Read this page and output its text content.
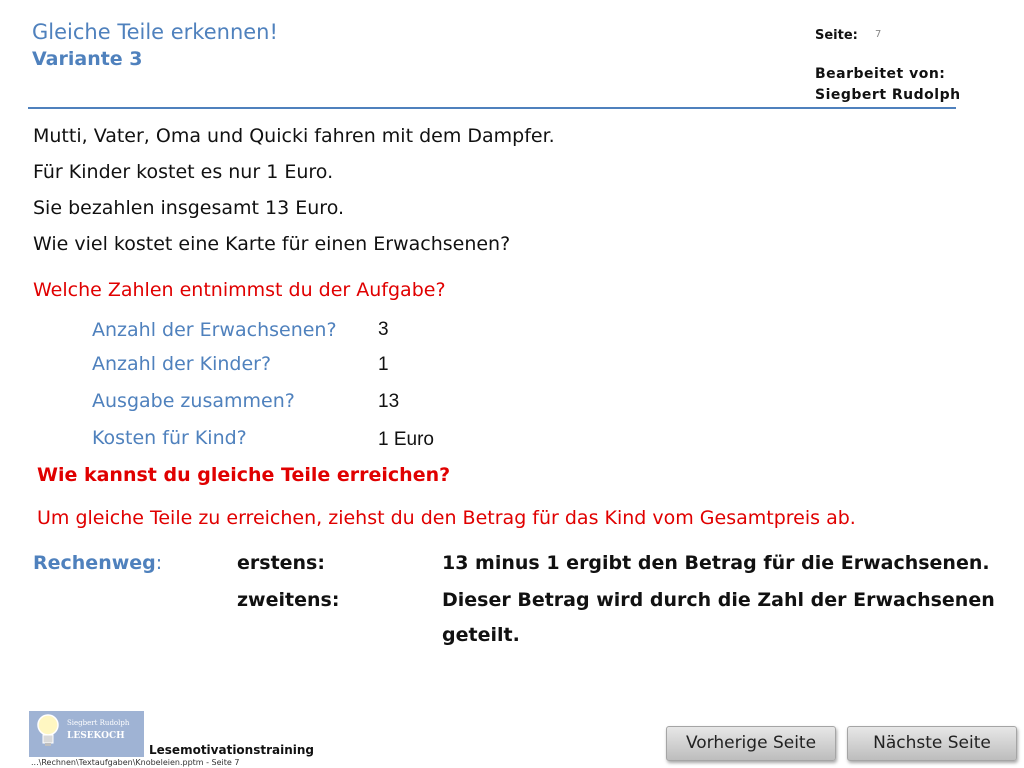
Gleiche Teile erkennen!
Variante 3
Seite: 7
Bearbeitet von:
Siegbert Rudolph
Mutti, Vater, Oma und Quicki fahren mit dem Dampfer.
Für Kinder kostet es nur 1 Euro.
Sie bezahlen insgesamt 13 Euro.
Wie viel kostet eine Karte für einen Erwachsenen?
Welche Zahlen entnimmst du der Aufgabe?
Anzahl der Erwachsenen? 3
Anzahl der Kinder?	1
Ausgabe zusammen?	13
Kosten für Kind?	1 Euro
Wie kannst du gleiche Teile erreichen?
Um gleiche Teile zu erreichen, ziehst du den Betrag für das Kind vom Gesamtpreis ab.
Rechenweg:	erstens:	13 minus 1 ergibt den Betrag für die Erwachsenen.
zweitens:	Dieser Betrag wird durch die Zahl der Erwachsenen
geteilt.
Siegbert Rudolph
LESEKOCH
Lesemotivationstraining
...\Rechnen\Textaufgaben\Knobeleien.pptm - Seite 7
Vorherige Seite	Nächste Seite
